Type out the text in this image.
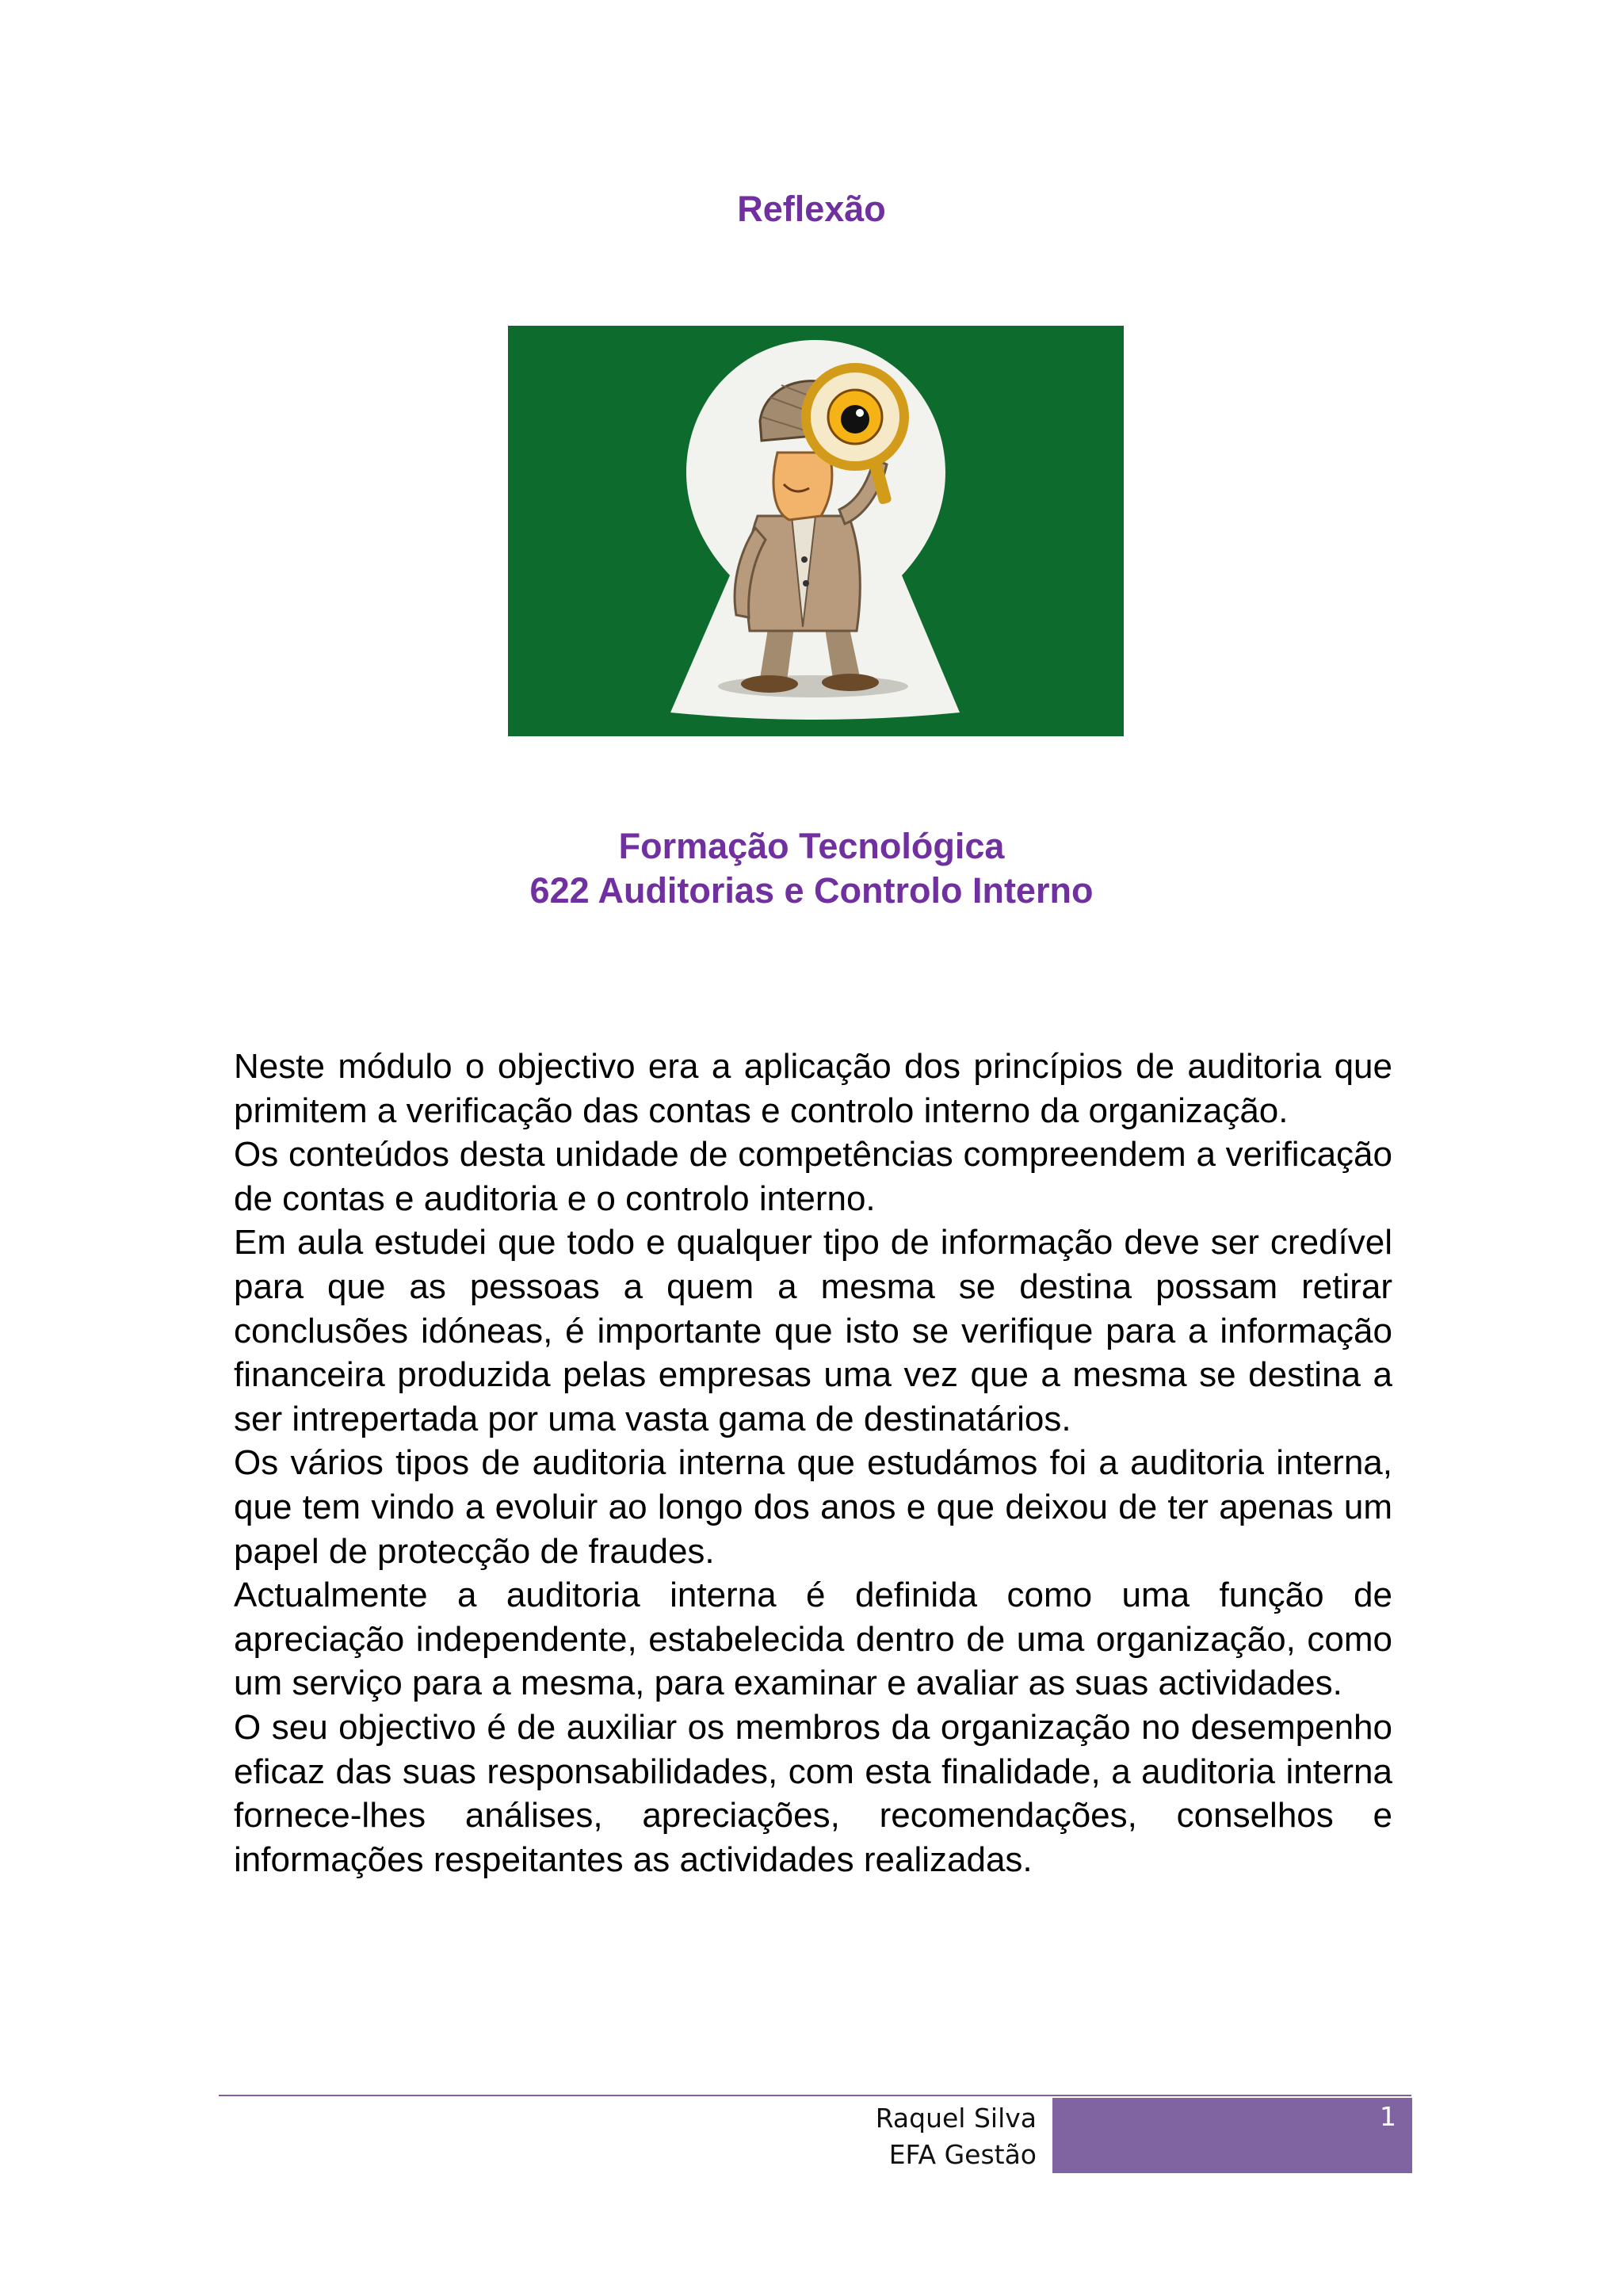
Reflexão
Formação Tecnológica
622 Auditorias e Controlo Interno

Neste módulo o objectivo era a aplicação dos princípios de auditoria que primitem a verificação das contas e controlo interno da organização.

Os conteúdos desta unidade de competências compreendem a verificação de contas e auditoria e o controlo interno.

Em aula estudei que todo e qualquer tipo de informação deve ser credível para que as pessoas a quem a mesma se destina possam retirar conclusões idóneas, é importante que isto se verifique para a informação financeira produzida pelas empresas uma vez que a mesma se destina a ser intrepertada por uma vasta gama de destinatários.

Os vários tipos de auditoria interna que estudámos foi a auditoria interna, que tem vindo a evoluir ao longo dos anos e que deixou de ter apenas um papel de protecção de fraudes.

Actualmente a auditoria interna é definida como uma função de apreciação independente, estabelecida dentro de uma organização, como um serviço para a mesma, para examinar e avaliar as suas actividades.

O seu objectivo é de auxiliar os membros da organização no desempenho eficaz das suas responsabilidades, com esta finalidade, a auditoria interna fornece-lhes análises, apreciações, recomendações, conselhos e informações respeitantes as actividades realizadas.

Raquel Silva
EFA Gestão
1
